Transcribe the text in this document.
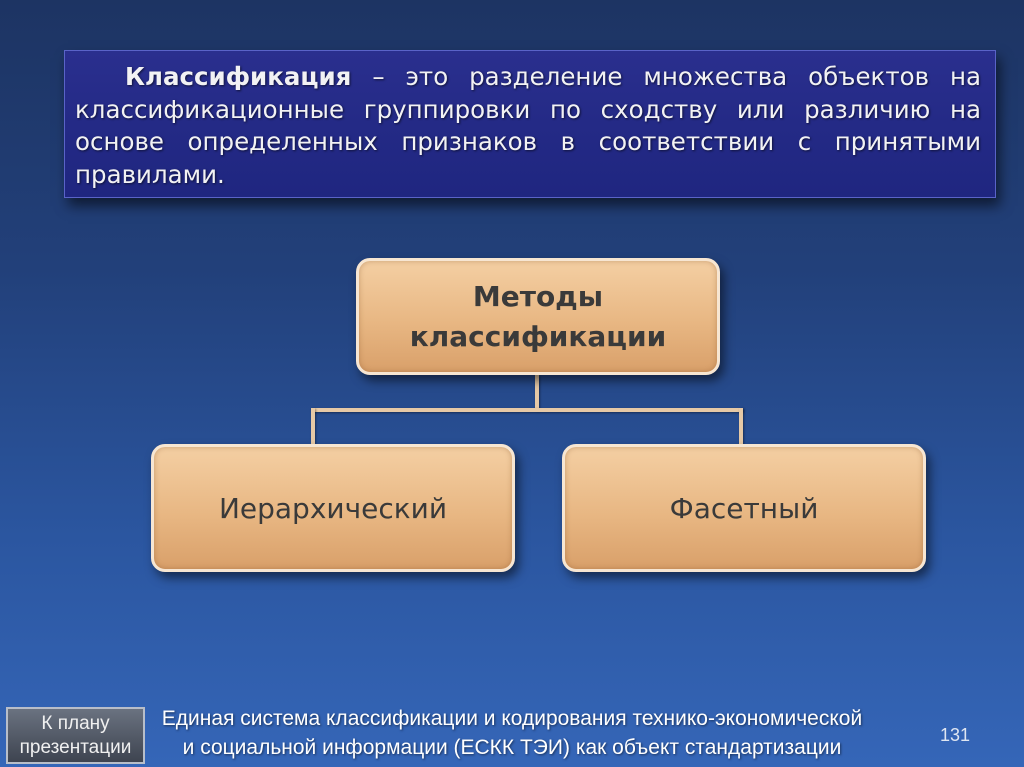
Классификация – это разделение множества объектов на классификационные группировки по сходству или различию на основе определенных признаков в соответствии с принятыми правилами.

Методы
классификации
Иерархический	Фасетный
К плану
презентации
Единая система классификации и кодирования технико-экономической
и социальной информации (ЕСКК ТЭИ) как объект стандартизации
131
